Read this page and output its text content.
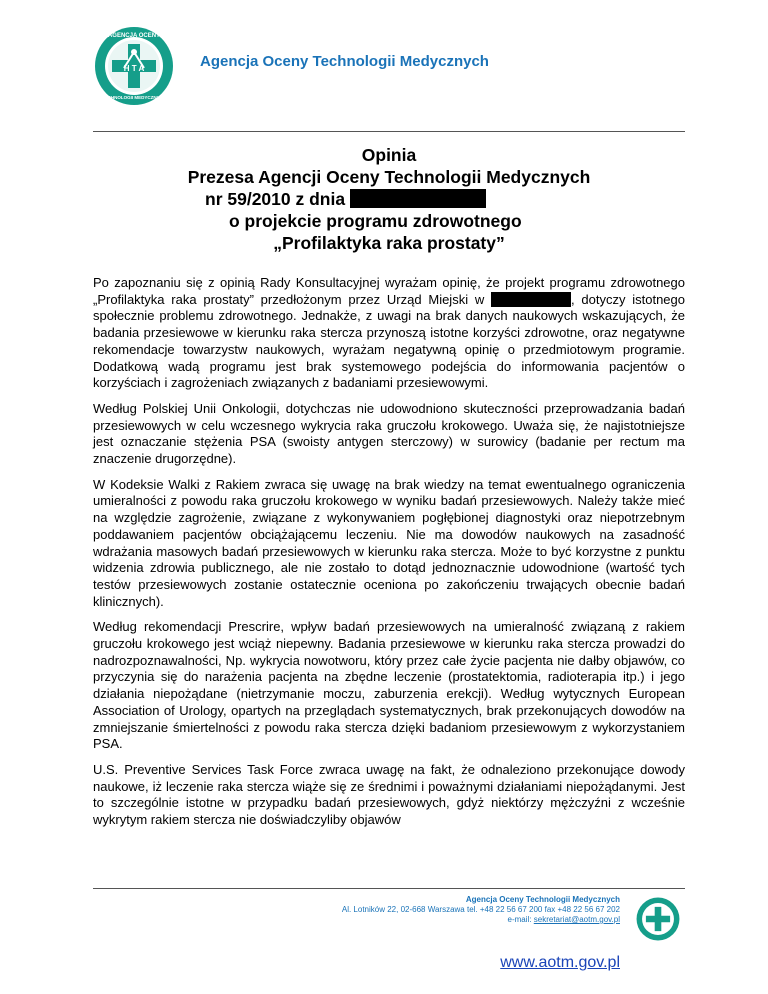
H T A
AGENCJA OCENY
TECHNOLOGII MEDYCZNYCH
Agencja Oceny Technologii Medycznych
Opinia
Prezesa Agencji Oceny Technologii Medycznych
nr 59/2010 z dnia
o projekcie programu zdrowotnego
„Profilaktyka raka prostaty”

Po zapoznaniu się z opinią Rady Konsultacyjnej wyrażam opinię, że projekt programu zdrowotnego „Profilaktyka raka prostaty” przedłożonym przez Urząd Miejski w	, dotyczy istotnego społecznie problemu zdrowotnego. Jednakże, z uwagi na brak danych naukowych wskazujących, że badania przesiewowe w kierunku raka stercza przynoszą istotne korzyści zdrowotne, oraz negatywne rekomendacje towarzystw naukowych, wyrażam negatywną opinię o przedmiotowym programie. Dodatkową wadą programu jest brak systemowego podejścia do informowania pacjentów o korzyściach i zagrożeniach związanych z badaniami przesiewowymi.

Według Polskiej Unii Onkologii, dotychczas nie udowodniono skuteczności przeprowadzania badań przesiewowych w celu wczesnego wykrycia raka gruczołu krokowego. Uważa się, że najistotniejsze jest oznaczanie stężenia PSA (swoisty antygen sterczowy) w surowicy (badanie per rectum ma znaczenie drugorzędne).

W Kodeksie Walki z Rakiem zwraca się uwagę na brak wiedzy na temat ewentualnego ograniczenia umieralności z powodu raka gruczołu krokowego w wyniku badań przesiewowych. Należy także mieć na względzie zagrożenie, związane z wykonywaniem pogłębionej diagnostyki oraz niepotrzebnym poddawaniem pacjentów obciążającemu leczeniu. Nie ma dowodów naukowych na zasadność wdrażania masowych badań przesiewowych w kierunku raka stercza. Może to być korzystne z punktu widzenia zdrowia publicznego, ale nie zostało to dotąd jednoznacznie udowodnione (wartość tych testów przesiewowych zostanie ostatecznie oceniona po zakończeniu trwających obecnie badań klinicznych).

Według rekomendacji Prescrire, wpływ badań przesiewowych na umieralność związaną z rakiem gruczołu krokowego jest wciąż niepewny. Badania przesiewowe w kierunku raka stercza prowadzi do nadrozpoznawalności, Np. wykrycia nowotworu, który przez całe życie pacjenta nie dałby objawów, co przyczynia się do narażenia pacjenta na zbędne leczenie (prostatektomia, radioterapia itp.) i jego działania niepożądane (nietrzymanie moczu, zaburzenia erekcji). Według wytycznych European Association of Urology, opartych na przeglądach systematycznych, brak przekonujących dowodów na zmniejszanie śmiertelności z powodu raka stercza dzięki badaniom przesiewowym z wykorzystaniem PSA.

U.S. Preventive Services Task Force zwraca uwagę na fakt, że odnaleziono przekonujące dowody naukowe, iż leczenie raka stercza wiąże się ze średnimi i poważnymi działaniami niepożądanymi. Jest to szczególnie istotne w przypadku badań przesiewowych, gdyż niektórzy mężczyźni z wcześnie wykrytym rakiem stercza nie doświadczyliby objawów

Agencja Oceny Technologii Medycznych
Al. Lotników 22, 02-668 Warszawa tel. +48 22 56 67 200 fax +48 22 56 67 202
e-mail: sekretariat@aotm.gov.pl
www.aotm.gov.pl
